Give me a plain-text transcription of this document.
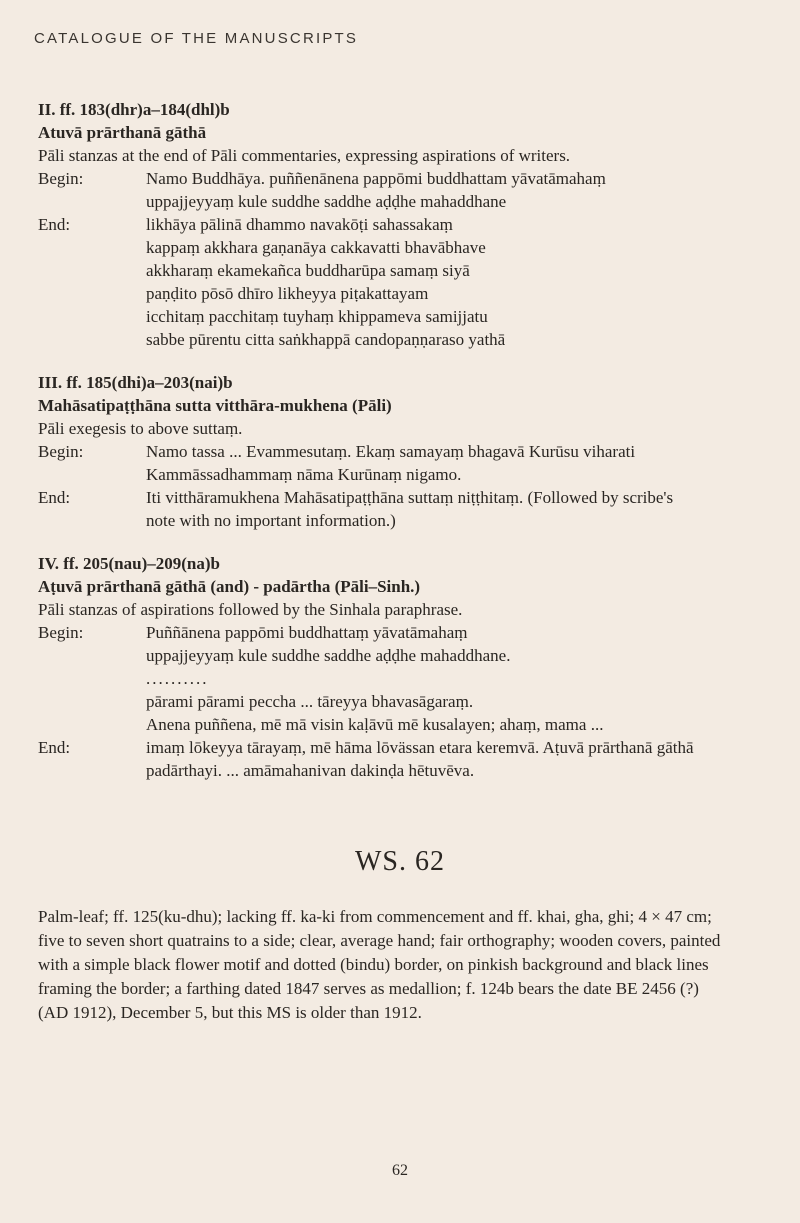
CATALOGUE OF THE MANUSCRIPTS
II. ff. 183(dhr)a–184(dhl)b
Atuvā prārthanā gāthā
Pāli stanzas at the end of Pāli commentaries, expressing aspirations of writers.
Begin:	Namo Buddhāya. puññenānena pappōmi buddhattam yāvatāmahaṃ
uppajjeyyaṃ kule suddhe saddhe aḍḍhe mahaddhane
End:	likhāya pālinā dhammo navakōṭi sahassakaṃ
kappaṃ akkhara gaṇanāya cakkavatti bhavābhave
akkharaṃ ekamekañca buddharūpa samaṃ siyā
paṇḍito pōsō dhīro likheyya piṭakattayam
icchitaṃ pacchitaṃ tuyhaṃ khippameva samijjatu
sabbe pūrentu citta saṅkhappā candopaṇṇaraso yathā
III. ff. 185(dhi)a–203(nai)b
Mahāsatipaṭṭhāna sutta vitthāra-mukhena (Pāli)
Pāli exegesis to above suttaṃ.
Begin:	Namo tassa ... Evammesutaṃ. Ekaṃ samayaṃ bhagavā Kurūsu viharati
Kammāssadhammaṃ nāma Kurūnaṃ nigamo.
End:	Iti vitthāramukhena Mahāsatipaṭṭhāna suttaṃ niṭṭhitaṃ. (Followed by scribe's
note with no important information.)
IV. ff. 205(nau)–209(na)b
Aṭuvā prārthanā gāthā (and) - padārtha (Pāli–Sinh.)
Pāli stanzas of aspirations followed by the Sinhala paraphrase.
Begin:	Puññānena pappōmi buddhattaṃ yāvatāmahaṃ
uppajjeyyaṃ kule suddhe saddhe aḍḍhe mahaddhane.
..........
pārami pārami peccha ... tāreyya bhavasāgaraṃ.
Anena puññena, mē mā visin kaḷāvū mē kusalayen; ahaṃ, mama ...
End:	imaṃ lōkeyya tārayaṃ, mē hāma lōvässan etara keremvā. Aṭuvā prārthanā gāthā
padārthayi. ... amāmahanivan dakinḍa hētuvēva.
WS. 62
Palm-leaf; ff. 125(ku-dhu); lacking ff. ka-ki from commencement and ff. khai, gha, ghi; 4 × 47 cm;
five to seven short quatrains to a side; clear, average hand; fair orthography; wooden covers, painted
with a simple black flower motif and dotted (bindu) border, on pinkish background and black lines
framing the border; a farthing dated 1847 serves as medallion; f. 124b bears the date BE 2456 (?)
(AD 1912), December 5, but this MS is older than 1912.
62
